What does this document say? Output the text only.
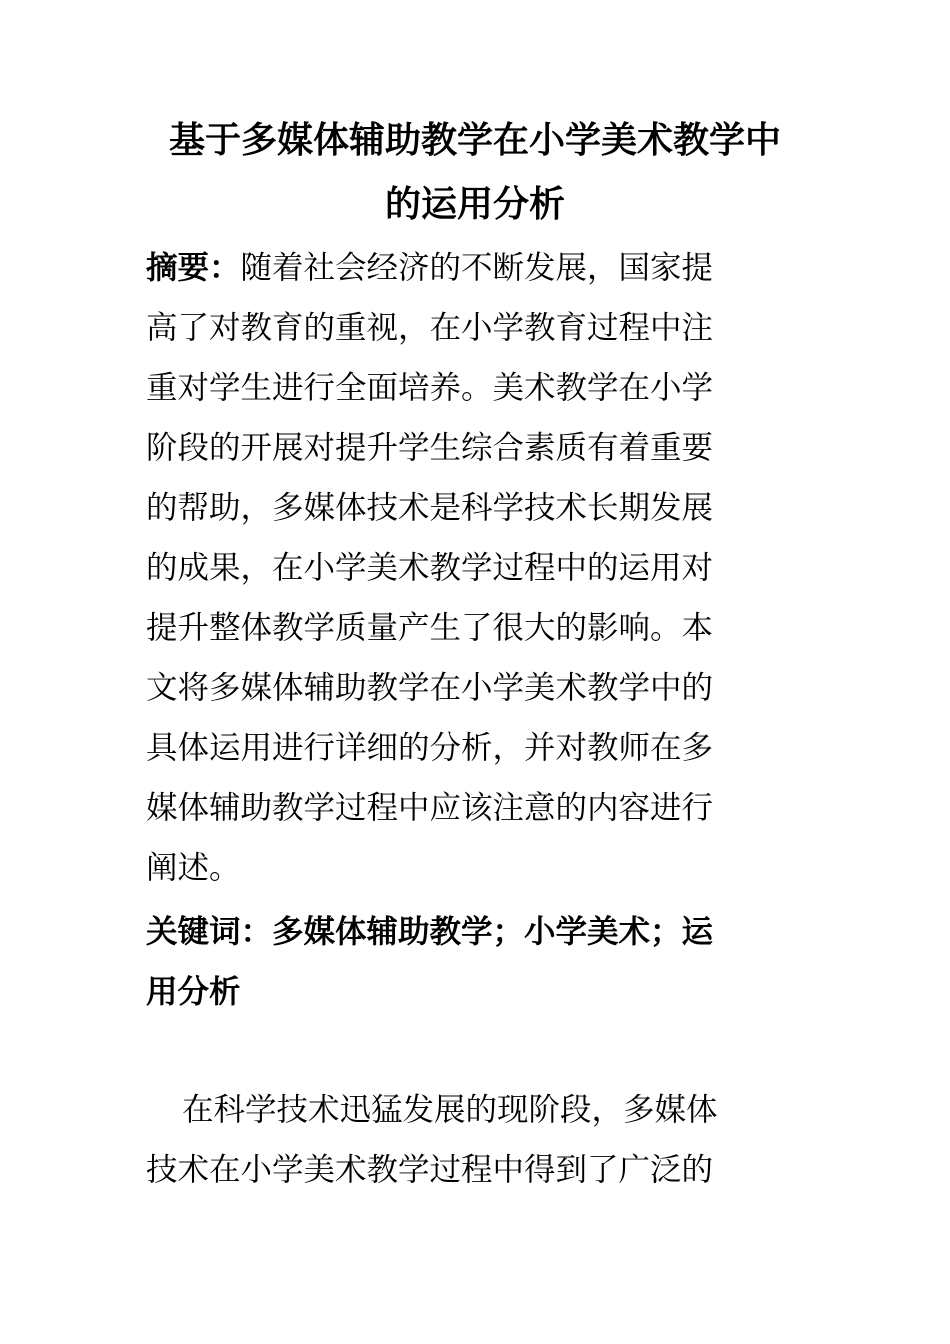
基于多媒体辅助教学在小学美术教学中
的运用分析
摘要：随着社会经济的不断发展，国家提
高了对教育的重视，在小学教育过程中注
重对学生进行全面培养。美术教学在小学
阶段的开展对提升学生综合素质有着重要
的帮助，多媒体技术是科学技术长期发展
的成果，在小学美术教学过程中的运用对
提升整体教学质量产生了很大的影响。本
文将多媒体辅助教学在小学美术教学中的
具体运用进行详细的分析，并对教师在多
媒体辅助教学过程中应该注意的内容进行
阐述。
关键词：多媒体辅助教学；小学美术；运
用分析
在科学技术迅猛发展的现阶段，多媒体
技术在小学美术教学过程中得到了广泛的
